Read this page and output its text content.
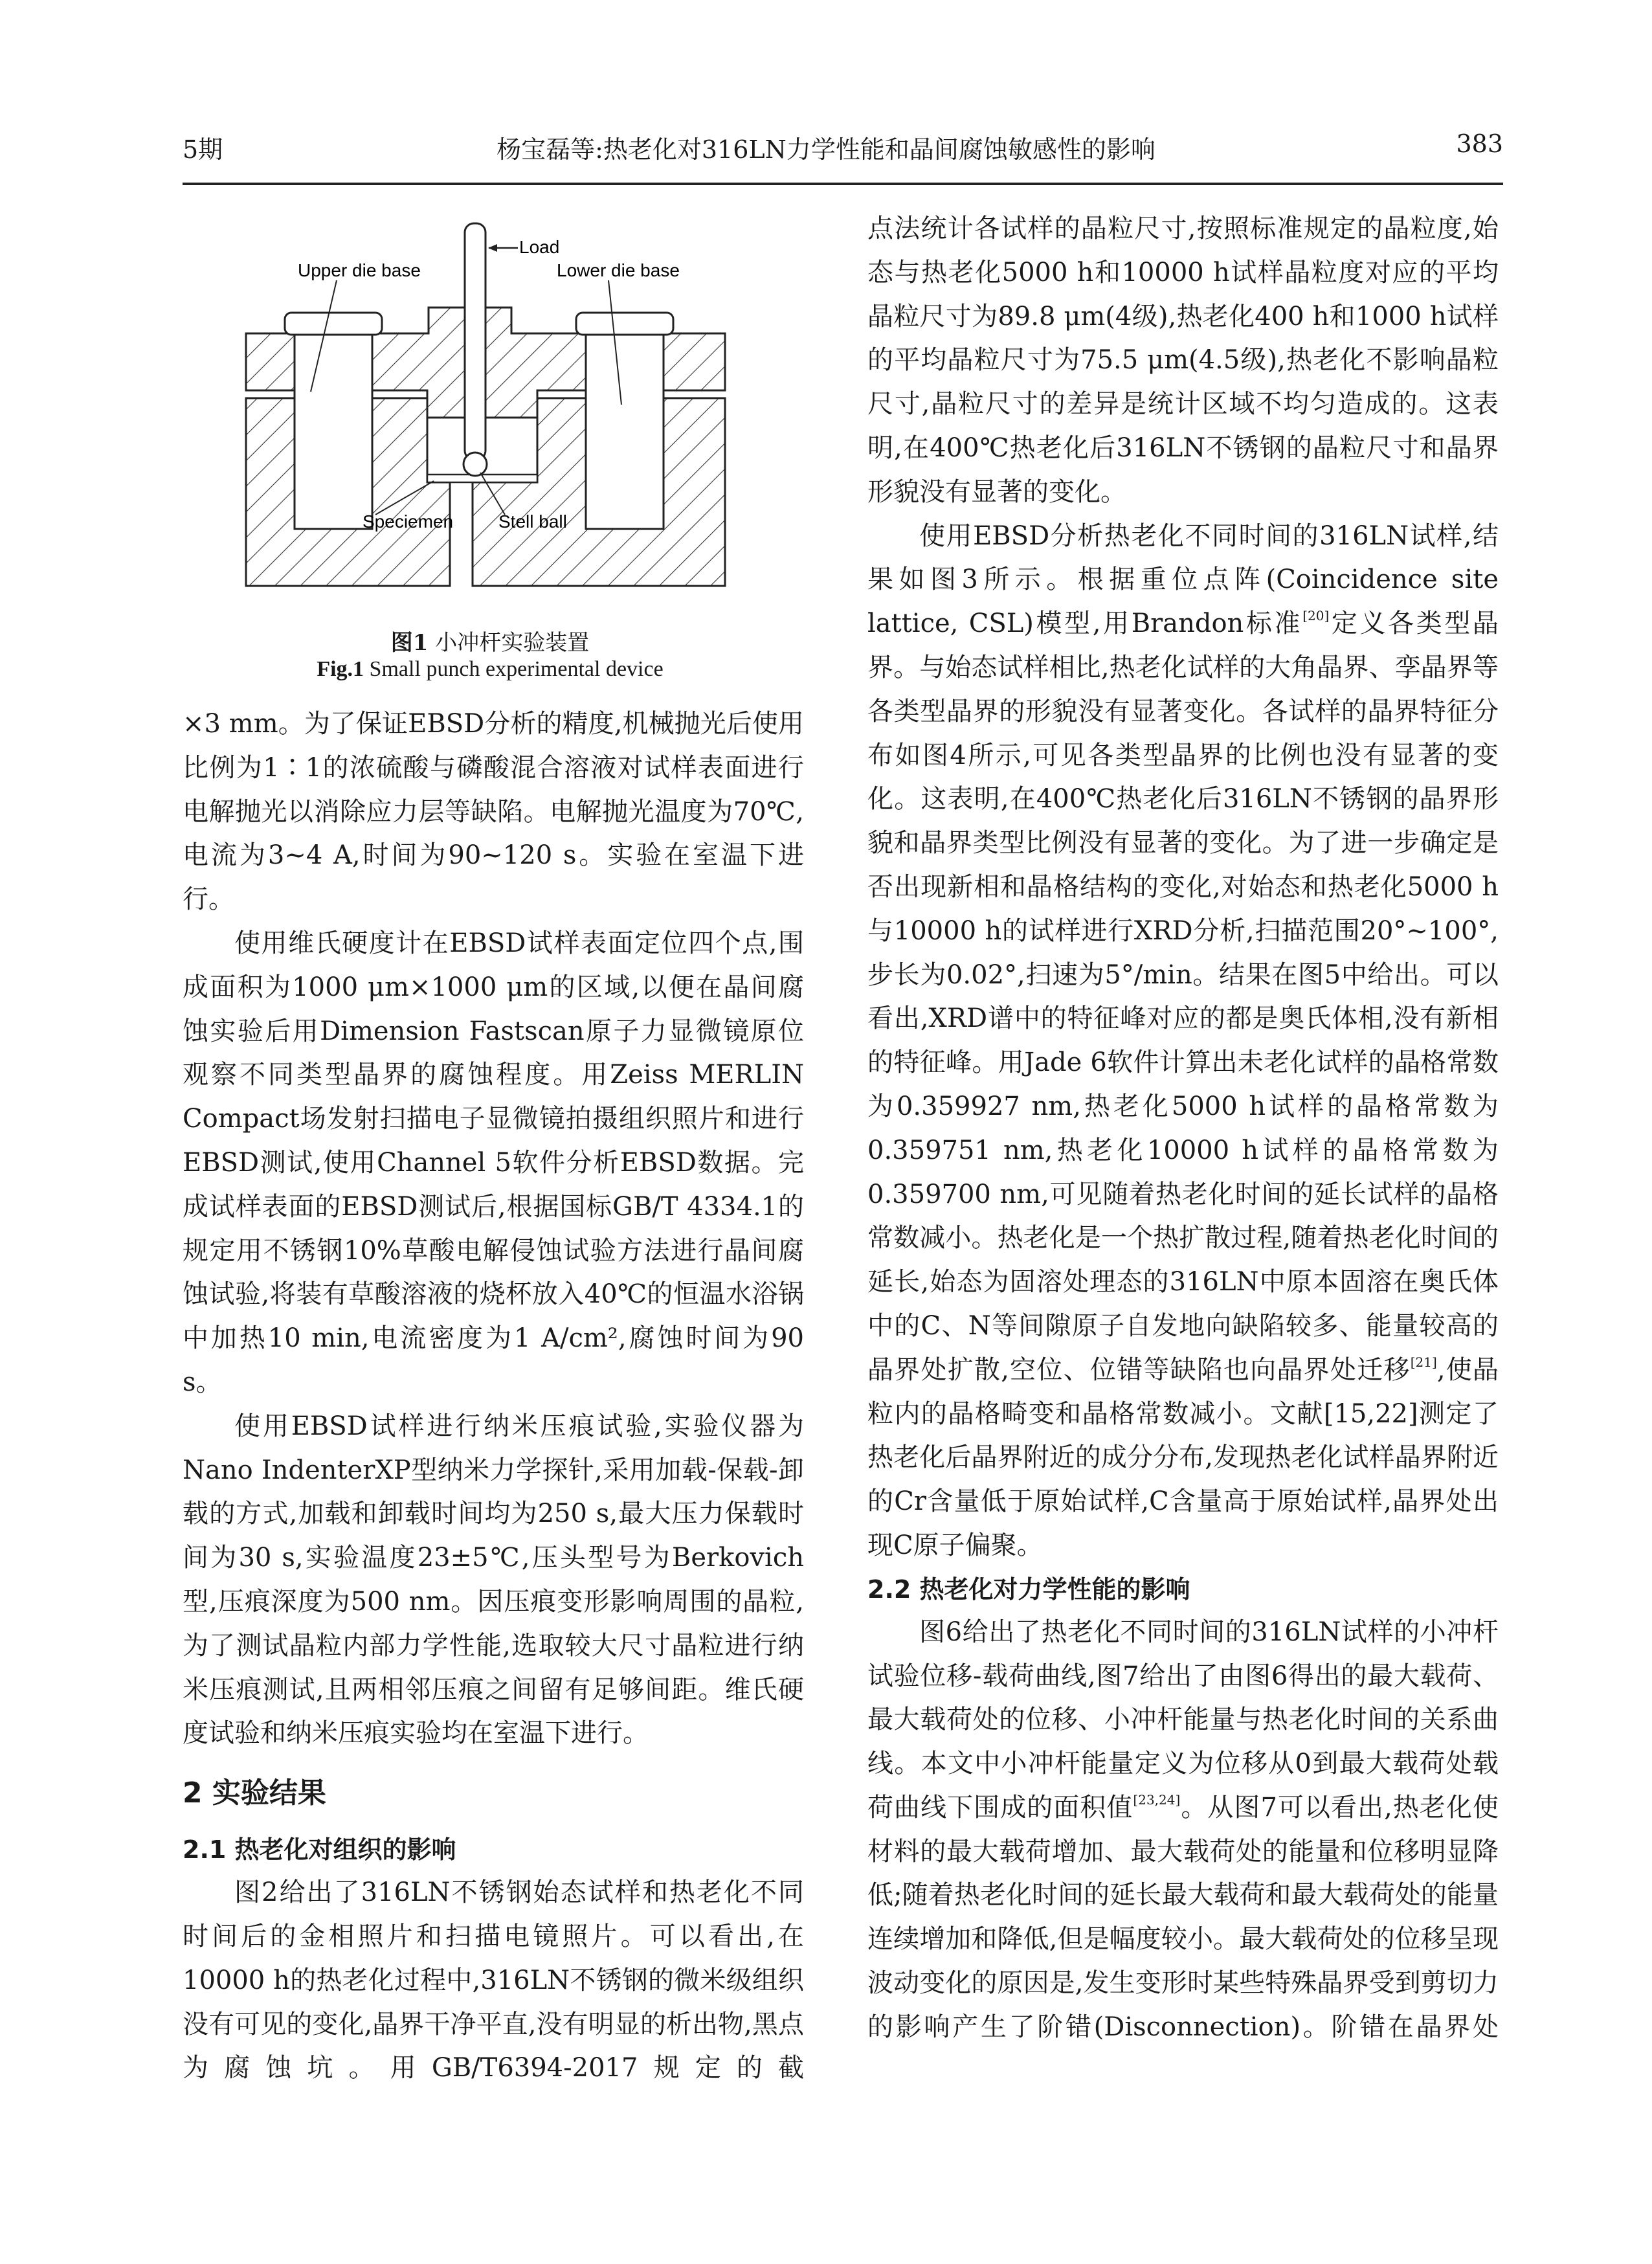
5期	杨宝磊等:热老化对316LN力学性能和晶间腐蚀敏感性的影响	383
Load
Upper die base	Lower die base
Speciemen Stell ball
图1 小冲杆实验装置
Fig.1 Small punch experimental device

×3 mm。为了保证EBSD分析的精度,机械抛光后使用比例为1∶1的浓硫酸与磷酸混合溶液对试样表面进行电解抛光以消除应力层等缺陷。电解抛光温度为70℃,电流为3~4 A,时间为90~120 s。实验在室温下进行。

使用维氏硬度计在EBSD试样表面定位四个点,围成面积为1000 μm×1000 μm的区域,以便在晶间腐蚀实验后用Dimension Fastscan原子力显微镜原位观察不同类型晶界的腐蚀程度。用Zeiss MERLIN Compact场发射扫描电子显微镜拍摄组织照片和进行EBSD测试,使用Channel 5软件分析EBSD数据。完成试样表面的EBSD测试后,根据国标GB/T 4334.1的规定用不锈钢10%草酸电解侵蚀试验方法进行晶间腐蚀试验,将装有草酸溶液的烧杯放入40℃的恒温水浴锅中加热10 min,电流密度为1 A/cm²,腐蚀时间为90 s。

使用EBSD试样进行纳米压痕试验,实验仪器为Nano IndenterXP型纳米力学探针,采用加载-保载-卸载的方式,加载和卸载时间均为250 s,最大压力保载时间为30 s,实验温度23±5℃,压头型号为Berkovich型,压痕深度为500 nm。因压痕变形影响周围的晶粒,为了测试晶粒内部力学性能,选取较大尺寸晶粒进行纳米压痕测试,且两相邻压痕之间留有足够间距。维氏硬度试验和纳米压痕实验均在室温下进行。

2 实验结果
2.1 热老化对组织的影响

图2给出了316LN不锈钢始态试样和热老化不同时间后的金相照片和扫描电镜照片。可以看出,在10000 h的热老化过程中,316LN不锈钢的微米级组织没有可见的变化,晶界干净平直,没有明显的析出物,黑点为腐蚀坑。用GB/T6394-2017规定的截

点法统计各试样的晶粒尺寸,按照标准规定的晶粒度,始态与热老化5000 h和10000 h试样晶粒度对应的平均晶粒尺寸为89.8 μm(4级),热老化400 h和1000 h试样的平均晶粒尺寸为75.5 μm(4.5级),热老化不影响晶粒尺寸,晶粒尺寸的差异是统计区域不均匀造成的。这表明,在400℃热老化后316LN不锈钢的晶粒尺寸和晶界形貌没有显著的变化。

使用EBSD分析热老化不同时间的316LN试样,结果如图3所示。根据重位点阵(Coincidence site lattice, CSL)模型,用Brandon标准[20]定义各类型晶界。与始态试样相比,热老化试样的大角晶界、孪晶界等各类型晶界的形貌没有显著变化。各试样的晶界特征分布如图4所示,可见各类型晶界的比例也没有显著的变化。这表明,在400℃热老化后316LN不锈钢的晶界形貌和晶界类型比例没有显著的变化。为了进一步确定是否出现新相和晶格结构的变化,对始态和热老化5000 h与10000 h的试样进行XRD分析,扫描范围20°~100°,步长为0.02°,扫速为5°/min。结果在图5中给出。可以看出,XRD谱中的特征峰对应的都是奥氏体相,没有新相的特征峰。用Jade 6软件计算出未老化试样的晶格常数为0.359927 nm,热老化5000 h试样的晶格常数为0.359751 nm,热老化10000 h试样的晶格常数为0.359700 nm,可见随着热老化时间的延长试样的晶格常数减小。热老化是一个热扩散过程,随着热老化时间的延长,始态为固溶处理态的316LN中原本固溶在奥氏体中的C、N等间隙原子自发地向缺陷较多、能量较高的晶界处扩散,空位、位错等缺陷也向晶界处迁移[21],使晶粒内的晶格畸变和晶格常数减小。文献[15,22]测定了热老化后晶界附近的成分分布,发现热老化试样晶界附近的Cr含量低于原始试样,C含量高于原始试样,晶界处出现C原子偏聚。

2.2 热老化对力学性能的影响

图6给出了热老化不同时间的316LN试样的小冲杆试验位移-载荷曲线,图7给出了由图6得出的最大载荷、最大载荷处的位移、小冲杆能量与热老化时间的关系曲线。本文中小冲杆能量定义为位移从0到最大载荷处载荷曲线下围成的面积值[23,24]。从图7可以看出,热老化使材料的最大载荷增加、最大载荷处的能量和位移明显降低;随着热老化时间的延长最大载荷和最大载荷处的能量连续增加和降低,但是幅度较小。最大载荷处的位移呈现波动变化的原因是,发生变形时某些特殊晶界受到剪切力的影响产生了阶错(Disconnection)。阶错在晶界处
